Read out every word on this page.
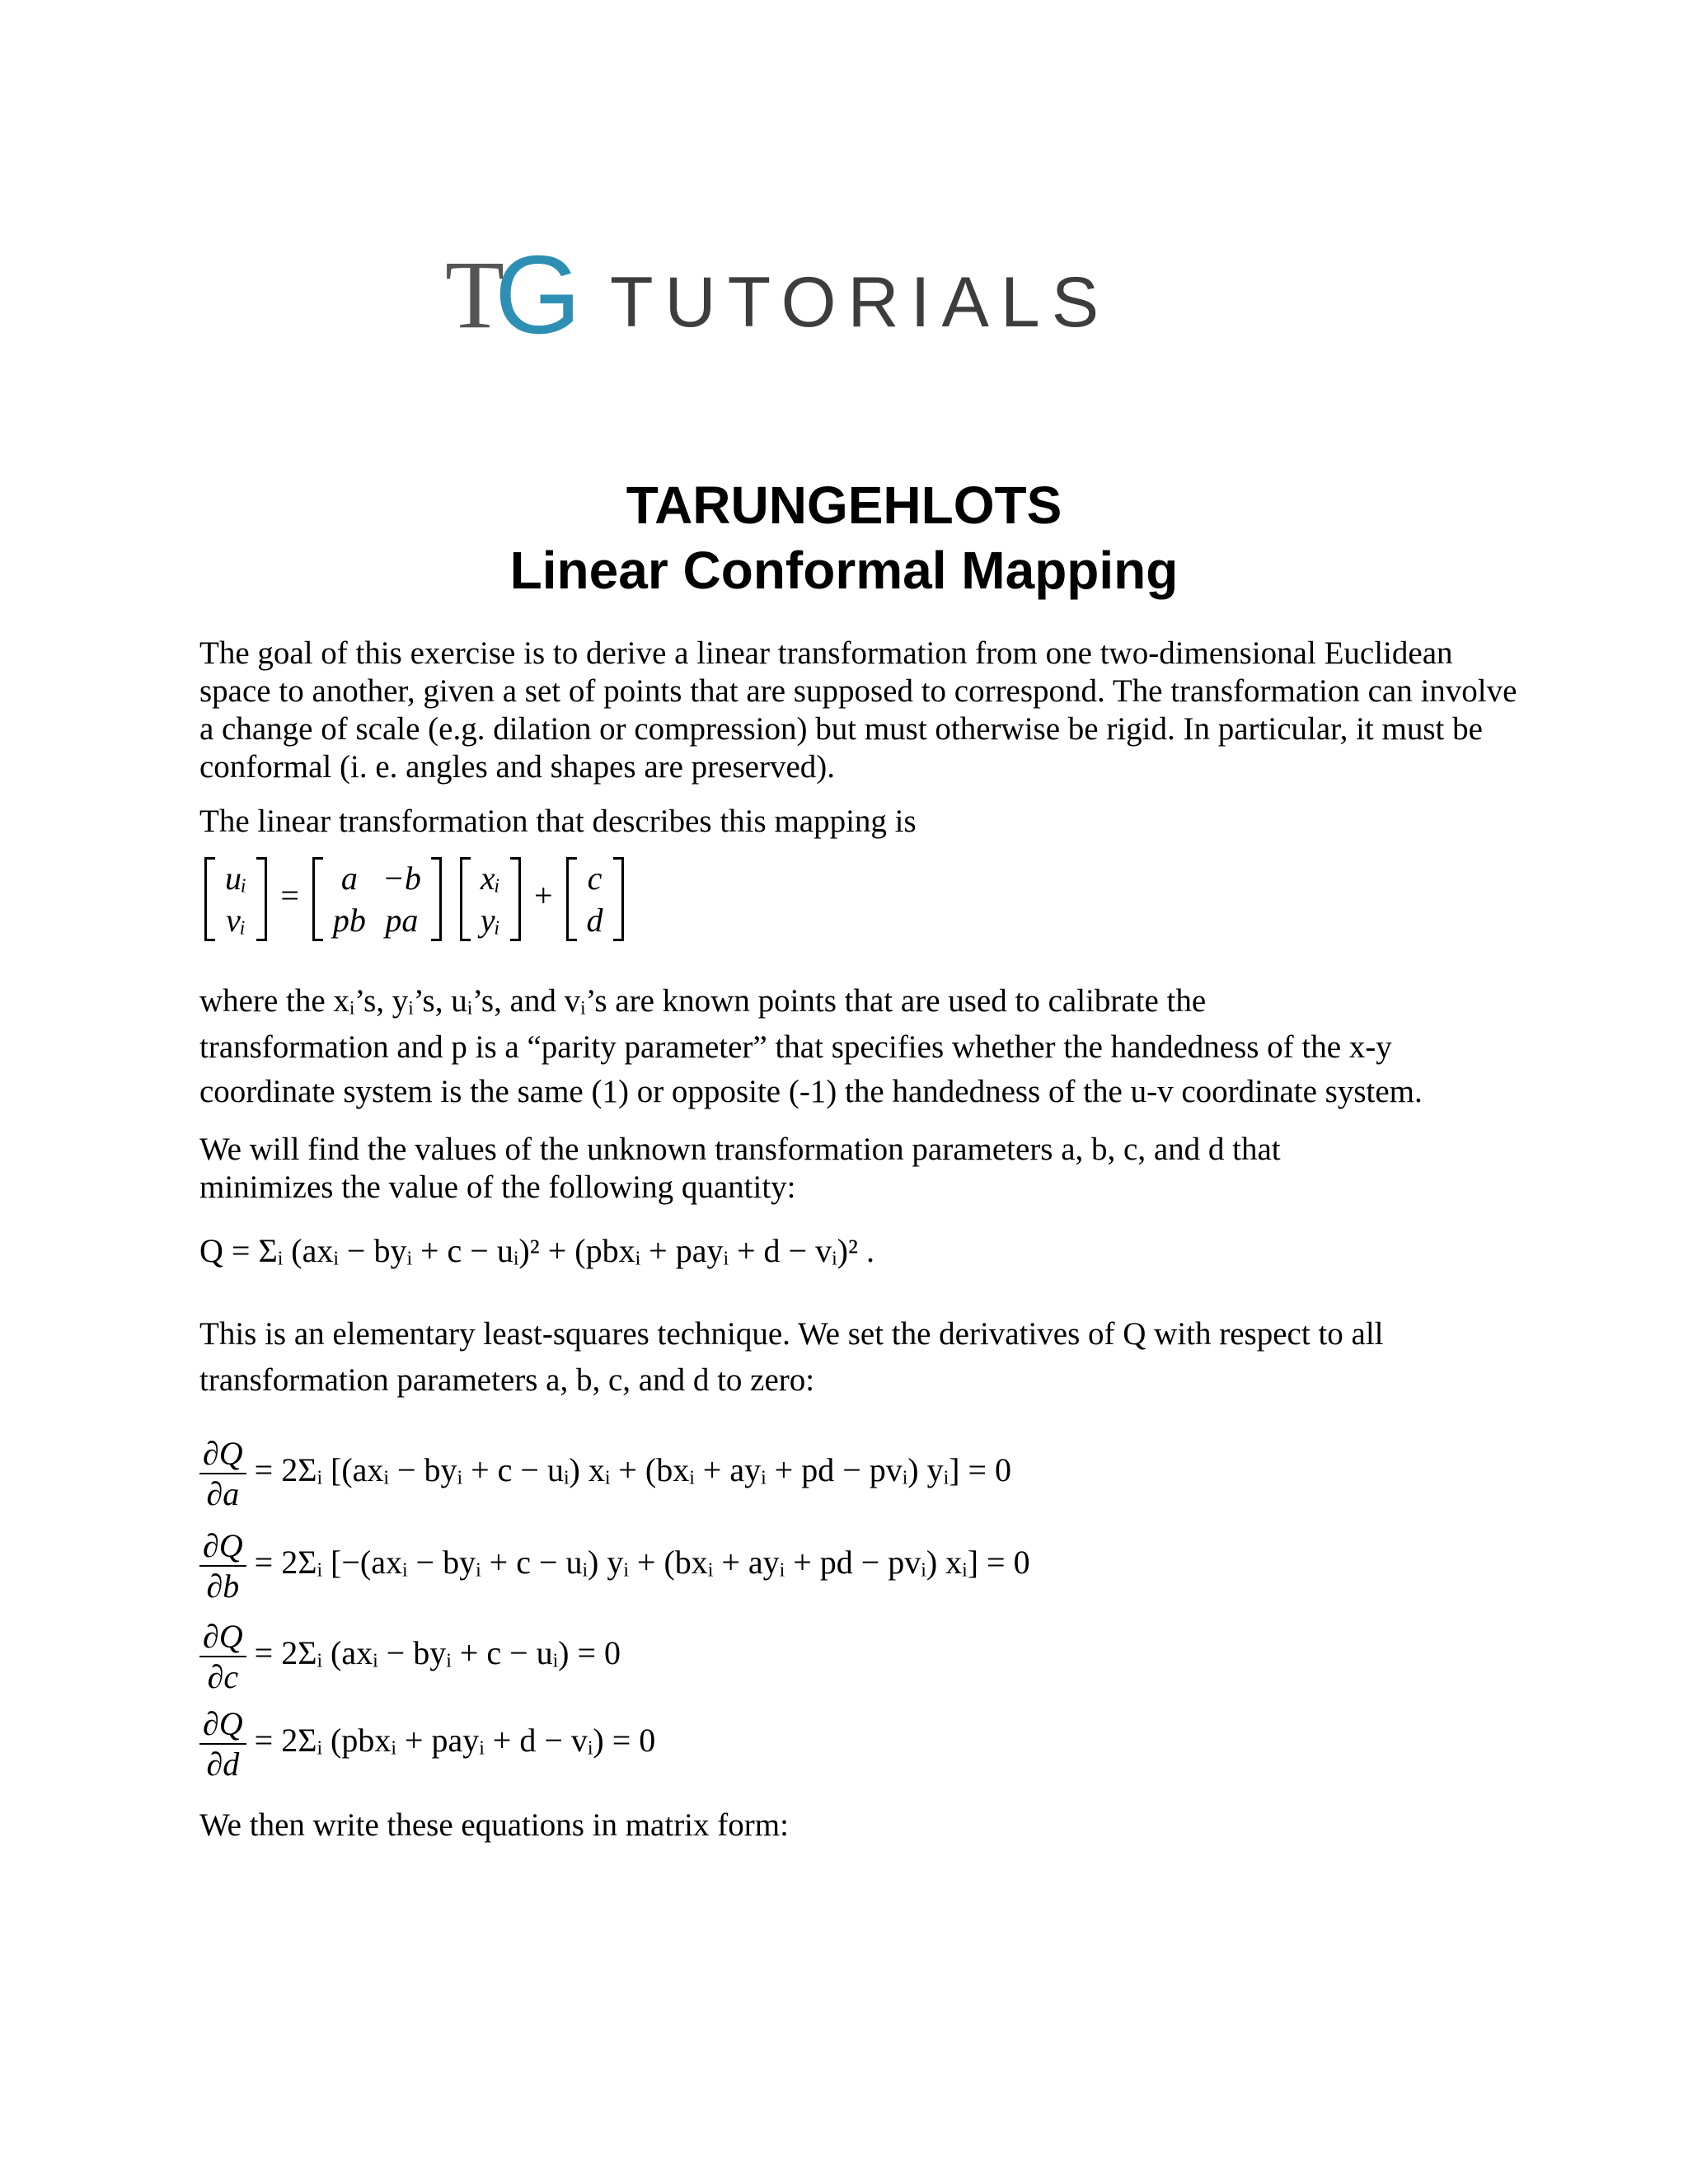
T
G TUTORIALS
TARUNGEHLOTS
Linear Conformal Mapping
The goal of this exercise is to derive a linear transformation from one two-dimensional Euclidean space to another, given a set of points that are supposed to correspond. The transformation can involve a change of scale (e.g. dilation or compression) but must otherwise be rigid. In particular, it must be conformal (i. e. angles and shapes are preserved).
The linear transformation that describes this mapping is
uᵢ
vᵢ
= a	−b
pb	pa

xᵢ
yᵢ
+ c
d
where the xᵢ’s, yᵢ’s, uᵢ’s, and vᵢ’s are known points that are used to calibrate the
transformation and p is a “parity parameter” that specifies whether the handedness of the x-y
coordinate system is the same (1) or opposite (-1) the handedness of the u-v coordinate system.
We will find the values of the unknown transformation parameters a, b, c, and d that
minimizes the value of the following quantity:
Q = Σᵢ (axᵢ − byᵢ + c − uᵢ)² + (pbxᵢ + payᵢ + d − vᵢ)² .
This is an elementary least-squares technique. We set the derivatives of Q with respect to all
transformation parameters a, b, c, and d to zero:
$\frac{\partial Q}{\partial a}$ = 2Σᵢ [(axᵢ − byᵢ + c − uᵢ) xᵢ + (bxᵢ + ayᵢ + pd − pvᵢ) yᵢ] = 0
$\frac{\partial Q}{\partial b}$ = 2Σᵢ [−(axᵢ − byᵢ + c − uᵢ) yᵢ + (bxᵢ + ayᵢ + pd − pvᵢ) xᵢ] = 0
$\frac{\partial Q}{\partial c}$ = 2Σᵢ (axᵢ − byᵢ + c − uᵢ) = 0
$\frac{\partial Q}{\partial d}$ = 2Σᵢ (pbxᵢ + payᵢ + d − vᵢ) = 0
We then write these equations in matrix form:
